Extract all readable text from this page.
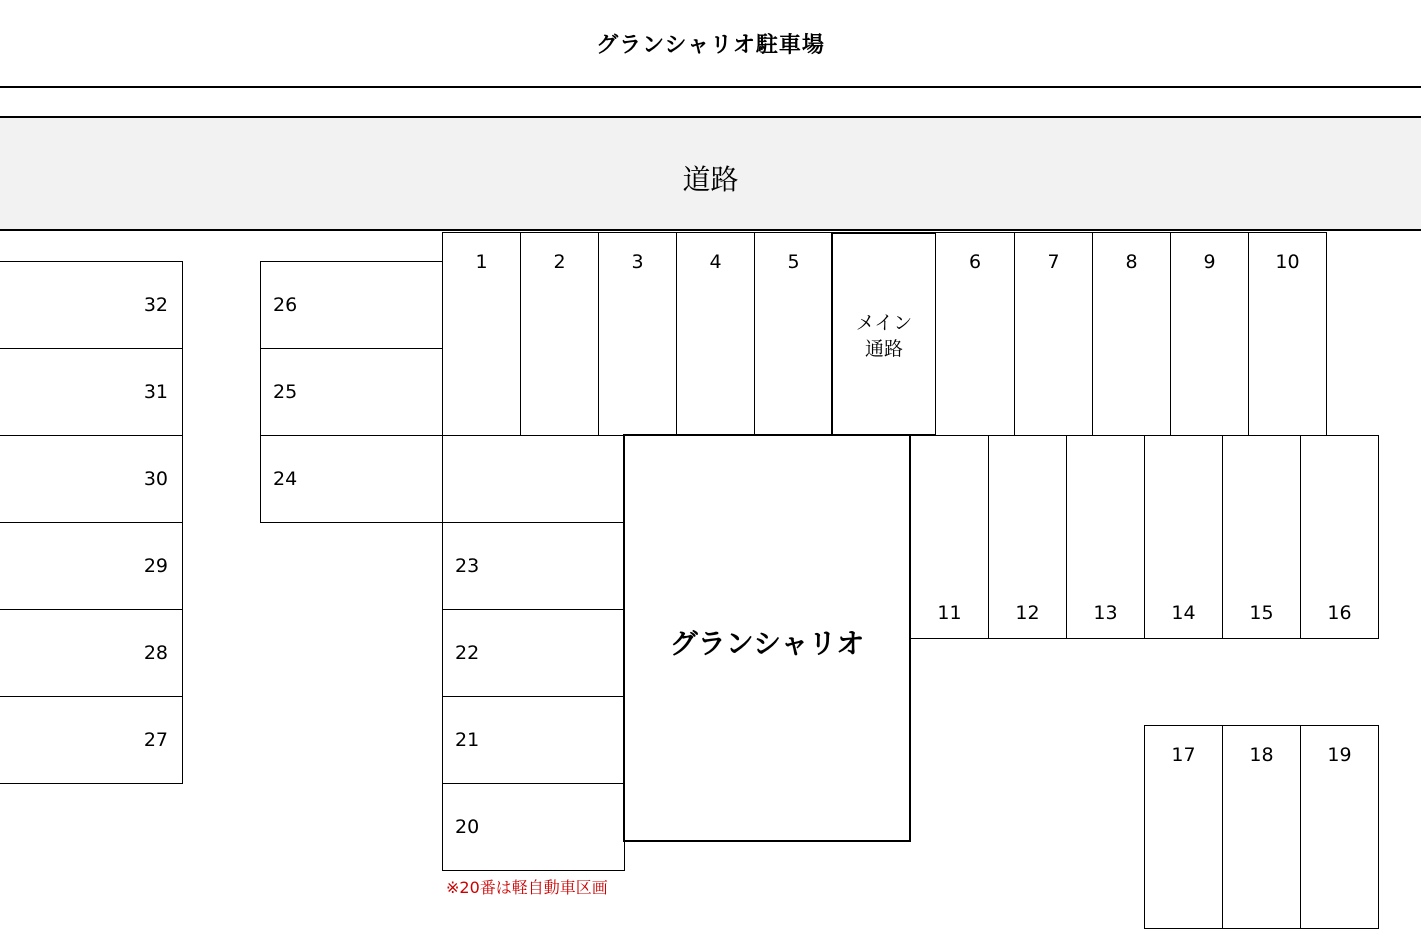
グランシャリオ駐車場
道路
32
31
30
29
28
27
26
25
24
23
22
21
20
1	2	3	4	5
メイン
通路
6	7	8	9	10
11	12	13	14	15	16
17	18	19
グランシャリオ
※20番は軽自動車区画
